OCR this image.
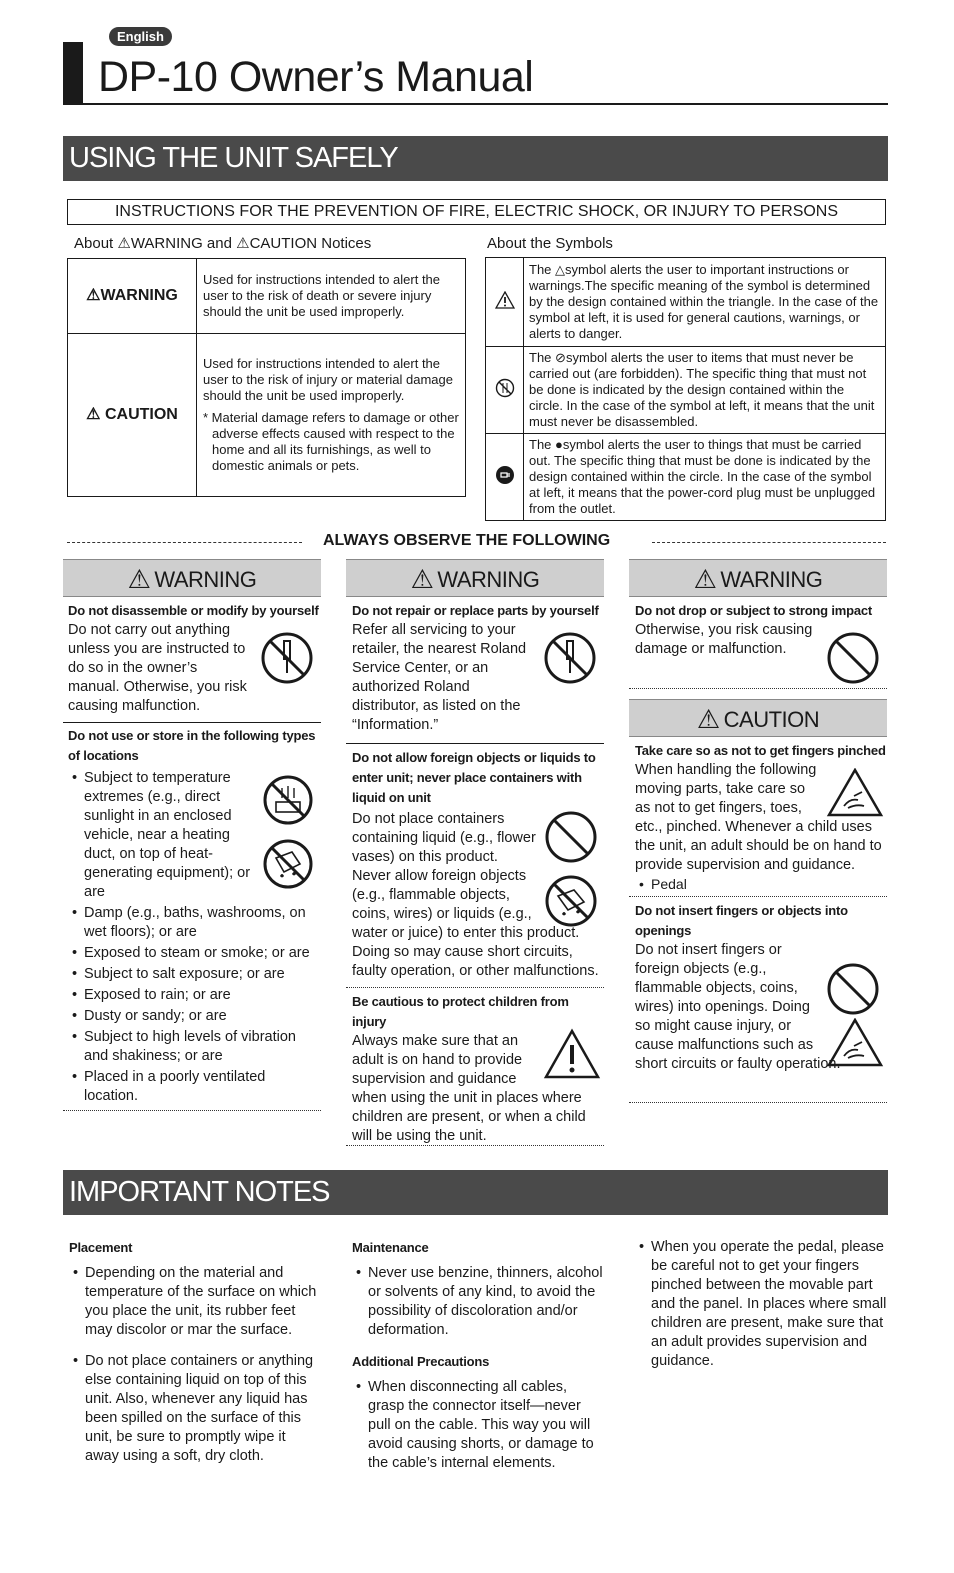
English
DP-10 Owner’s Manual
USING THE UNIT SAFELY
INSTRUCTIONS FOR THE PREVENTION OF FIRE, ELECTRIC SHOCK, OR INJURY TO PERSONS
About ⚠WARNING and ⚠CAUTION Notices
⚠WARNING	Used for instructions intended to alert the user to the risk of death or severe injury should the unit be used improperly.
⚠ CAUTION	Used for instructions intended to alert the user to the risk of injury or material damage should the unit be used improperly.
* Material damage refers to damage or other adverse effects caused with respect to the home and all its furnishings, as well to domestic animals or pets.
About the Symbols
	The △symbol alerts the user to important instructions or warnings.The specific meaning of the symbol is determined by the design contained within the triangle. In the case of the symbol at left, it is used for general cautions, warnings, or alerts to danger.
	The ⊘symbol alerts the user to items that must never be carried out (are forbidden). The specific thing that must not be done is indicated by the design contained within the circle. In the case of the symbol at left, it means that the unit must never be disassembled.
	The ●symbol alerts the user to things that must be carried out. The specific thing that must be done is indicated by the design contained within the circle. In the case of the symbol at left, it means that the power-cord plug must be unplugged from the outlet.
ALWAYS OBSERVE THE FOLLOWING
⚠ WARNING
Do not disassemble or modify by yourself
Do not carry out anything unless you are instructed to do so in the owner’s manual. Otherwise, you risk causing malfunction.
Do not use or store in the following types of locations
• Subject to temperature extremes (e.g., direct sunlight in an enclosed vehicle, near a heating duct, on top of heat-generating equipment); or are
• Damp (e.g., baths, washrooms, on wet floors); or are
• Exposed to steam or smoke; or are
• Subject to salt exposure; or are
• Exposed to rain; or are
• Dusty or sandy; or are
• Subject to high levels of vibration and shakiness; or are
• Placed in a poorly ventilated location.
⚠ WARNING
Do not repair or replace parts by yourself
Refer all servicing to your retailer, the nearest Roland Service Center, or an authorized Roland distributor, as listed on the “Information.”
Do not allow foreign objects or liquids to enter unit; never place containers with liquid on unit
Do not place containers containing liquid (e.g., flower vases) on this product. Never allow foreign objects (e.g., flammable objects, coins, wires) or liquids (e.g., water or juice) to enter this product. Doing so may cause short circuits, faulty operation, or other malfunctions.
Be cautious to protect children from injury
Always make sure that an adult is on hand to provide supervision and guidance when using the unit in places where children are present, or when a child will be using the unit.
⚠ WARNING
Do not drop or subject to strong impact
Otherwise, you risk causing damage or malfunction.
⚠ CAUTION
Take care so as not to get fingers pinched
When handling the following moving parts, take care so as not to get fingers, toes, etc., pinched. Whenever a child uses the unit, an adult should be on hand to provide supervision and guidance.
• Pedal
Do not insert fingers or objects into openings
Do not insert fingers or foreign objects (e.g., flammable objects, coins, wires) into openings. Doing so might cause injury, or cause malfunctions such as short circuits or faulty operation.
IMPORTANT NOTES
Placement
• Depending on the material and temperature of the surface on which you place the unit, its rubber feet may discolor or mar the surface.
• Do not place containers or anything else containing liquid on top of this unit. Also, whenever any liquid has been spilled on the surface of this unit, be sure to promptly wipe it away using a soft, dry cloth.
Maintenance
• Never use benzine, thinners, alcohol or solvents of any kind, to avoid the possibility of discoloration and/or deformation.
Additional Precautions
• When disconnecting all cables, grasp the connector itself—never pull on the cable. This way you will avoid causing shorts, or damage to the cable’s internal elements.
• When you operate the pedal, please be careful not to get your fingers pinched between the movable part and the panel. In places where small children are present, make sure that an adult provides supervision and guidance.
